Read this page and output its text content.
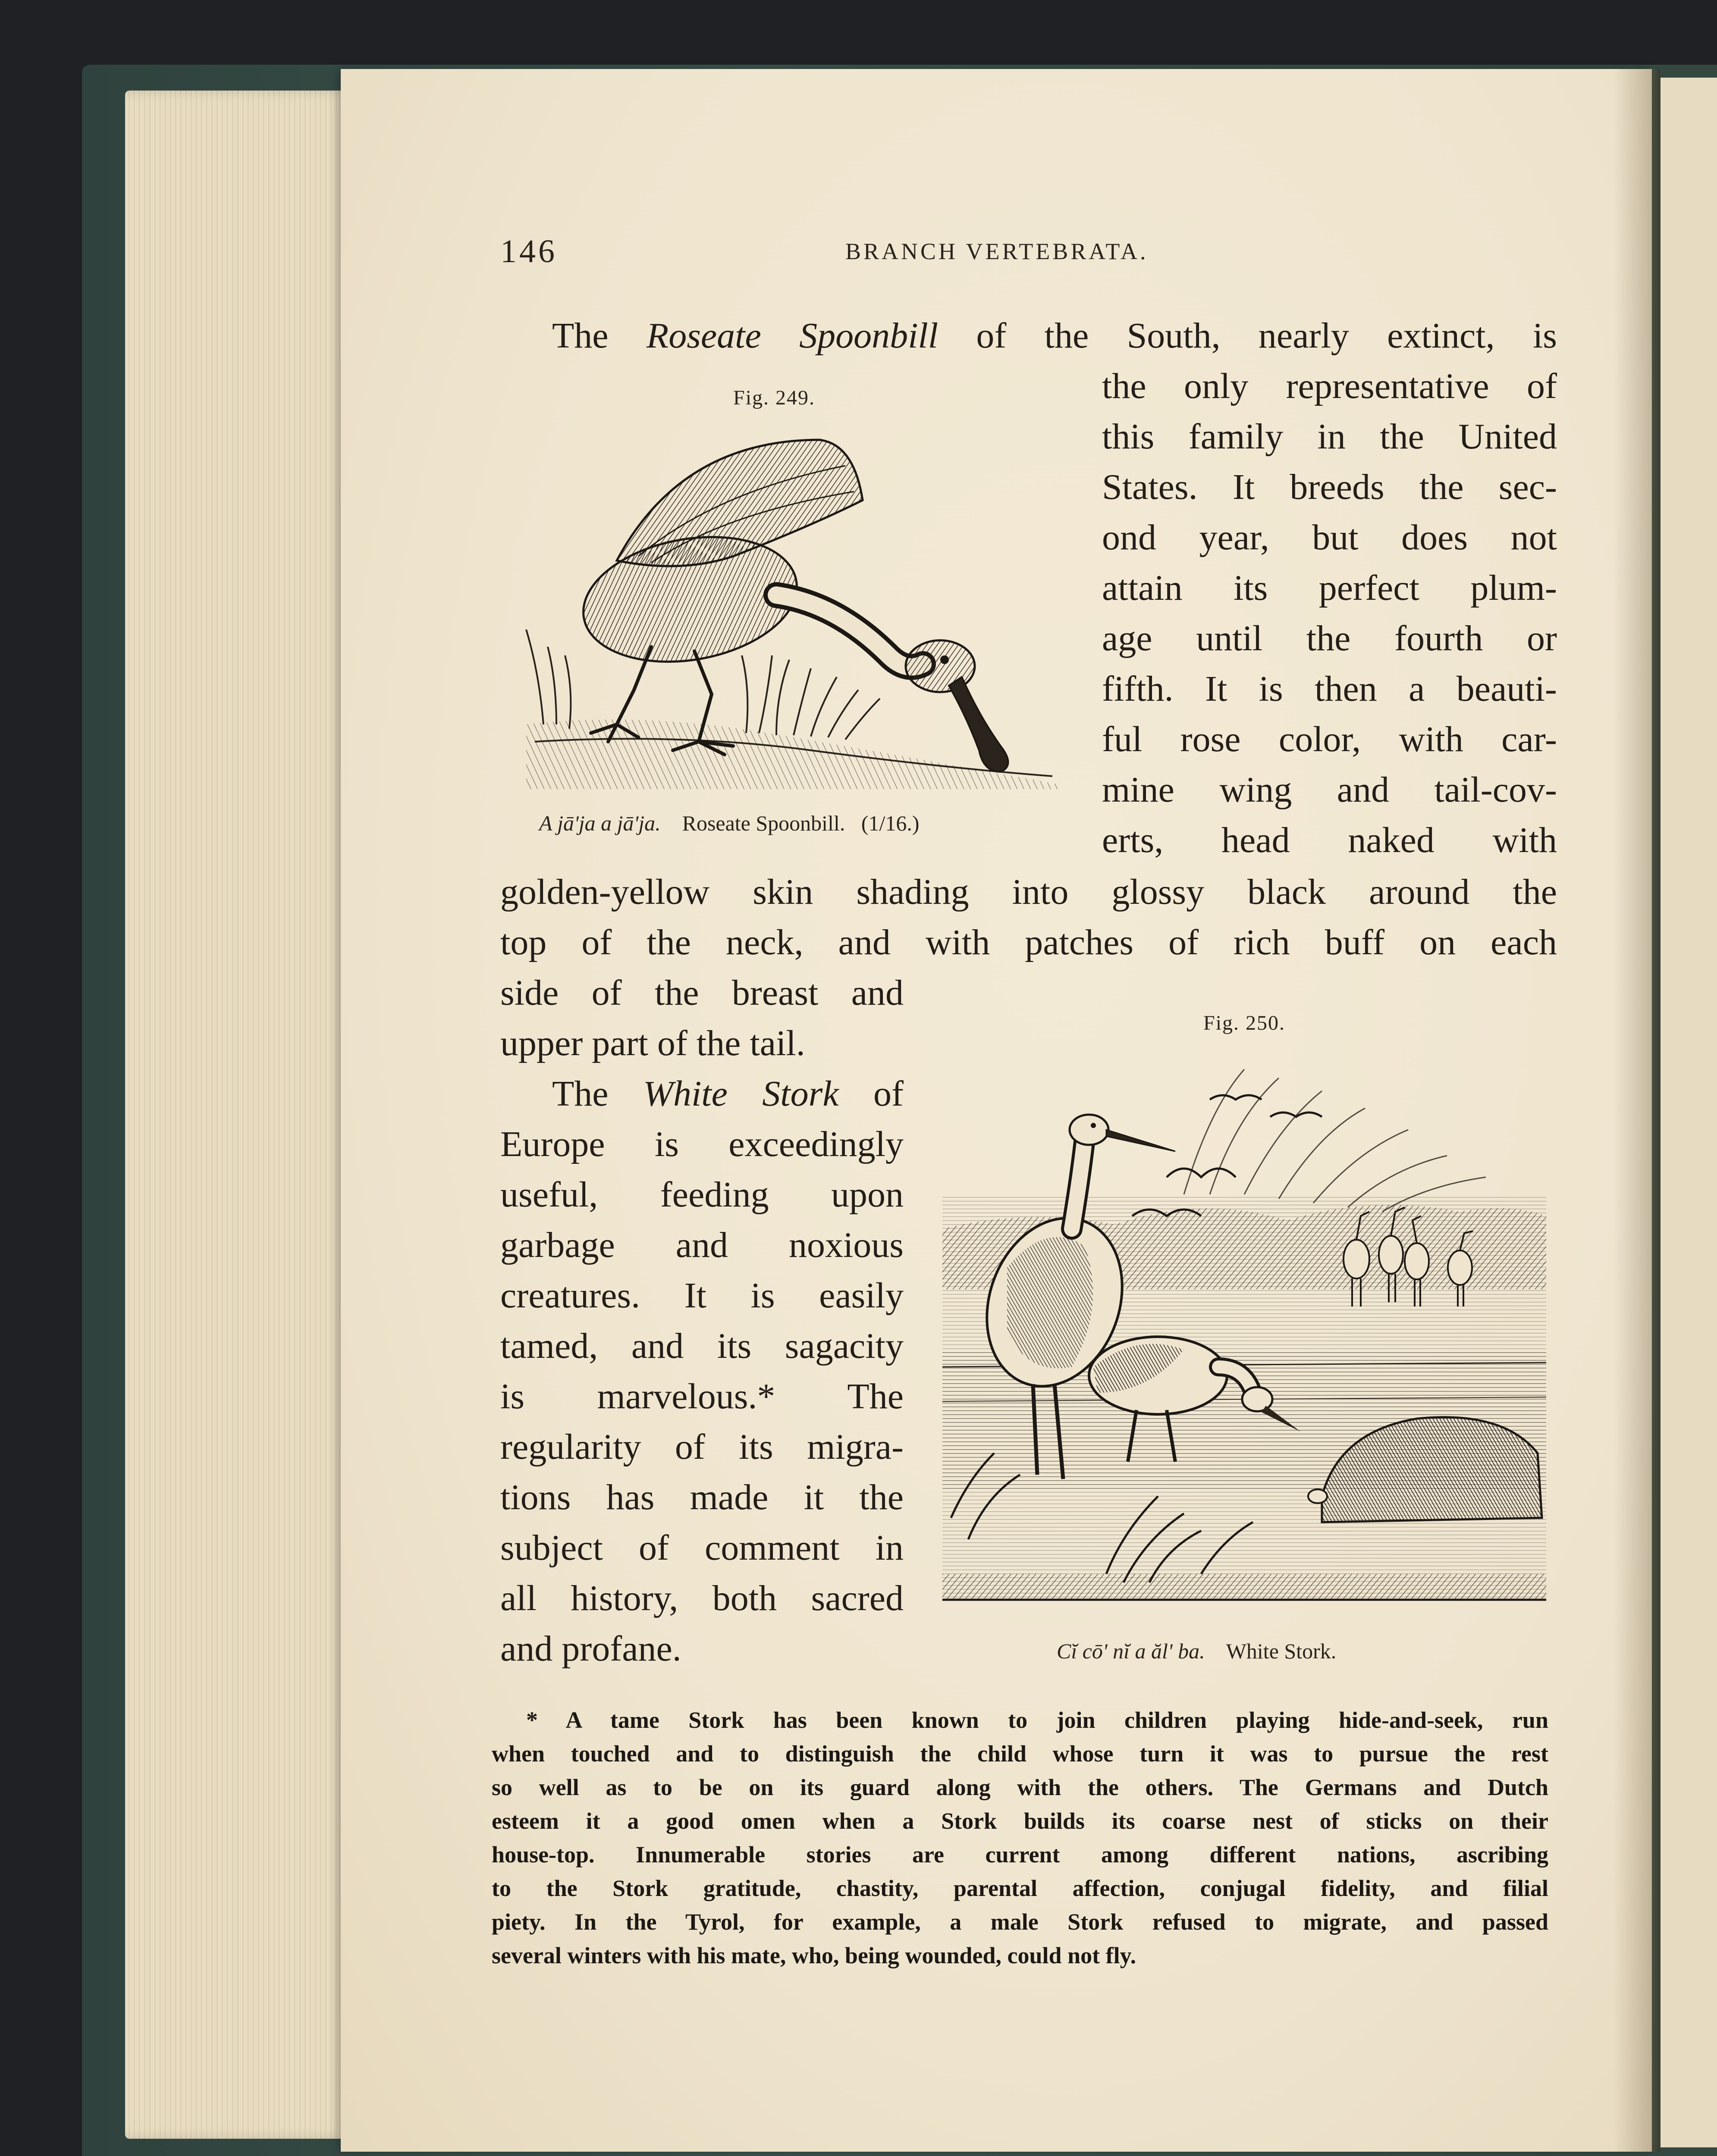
146	BRANCH VERTEBRATA.
The Roseate Spoonbill of the South, nearly extinct, is
the only representative of
this family in the United
States. It breeds the sec-
ond year, but does not
attain its perfect plum-
age until the fourth or
fifth. It is then a beauti-
ful rose color, with car-
mine wing and tail-cov-
erts, head naked with
Fig. 249.
A jā'ja a jā'ja. Roseate Spoonbill. (1/16.)
golden-yellow skin shading into glossy black around the
top of the neck, and with patches of rich buff on each
side of the breast and
upper part of the tail.
The White Stork of
Europe is exceedingly
useful, feeding upon
garbage and noxious
creatures. It is easily
tamed, and its sagacity
is marvelous.* The
regularity of its migra-
tions has made it the
subject of comment in
all history, both sacred
and profane.
Fig. 250.
Cĭ cō' nĭ a ăl' ba. White Stork.
* A tame Stork has been known to join children playing hide-and-seek, run
when touched and to distinguish the child whose turn it was to pursue the rest
so well as to be on its guard along with the others. The Germans and Dutch
esteem it a good omen when a Stork builds its coarse nest of sticks on their
house-top. Innumerable stories are current among different nations, ascribing
to the Stork gratitude, chastity, parental affection, conjugal fidelity, and filial
piety. In the Tyrol, for example, a male Stork refused to migrate, and passed
several winters with his mate, who, being wounded, could not fly.
